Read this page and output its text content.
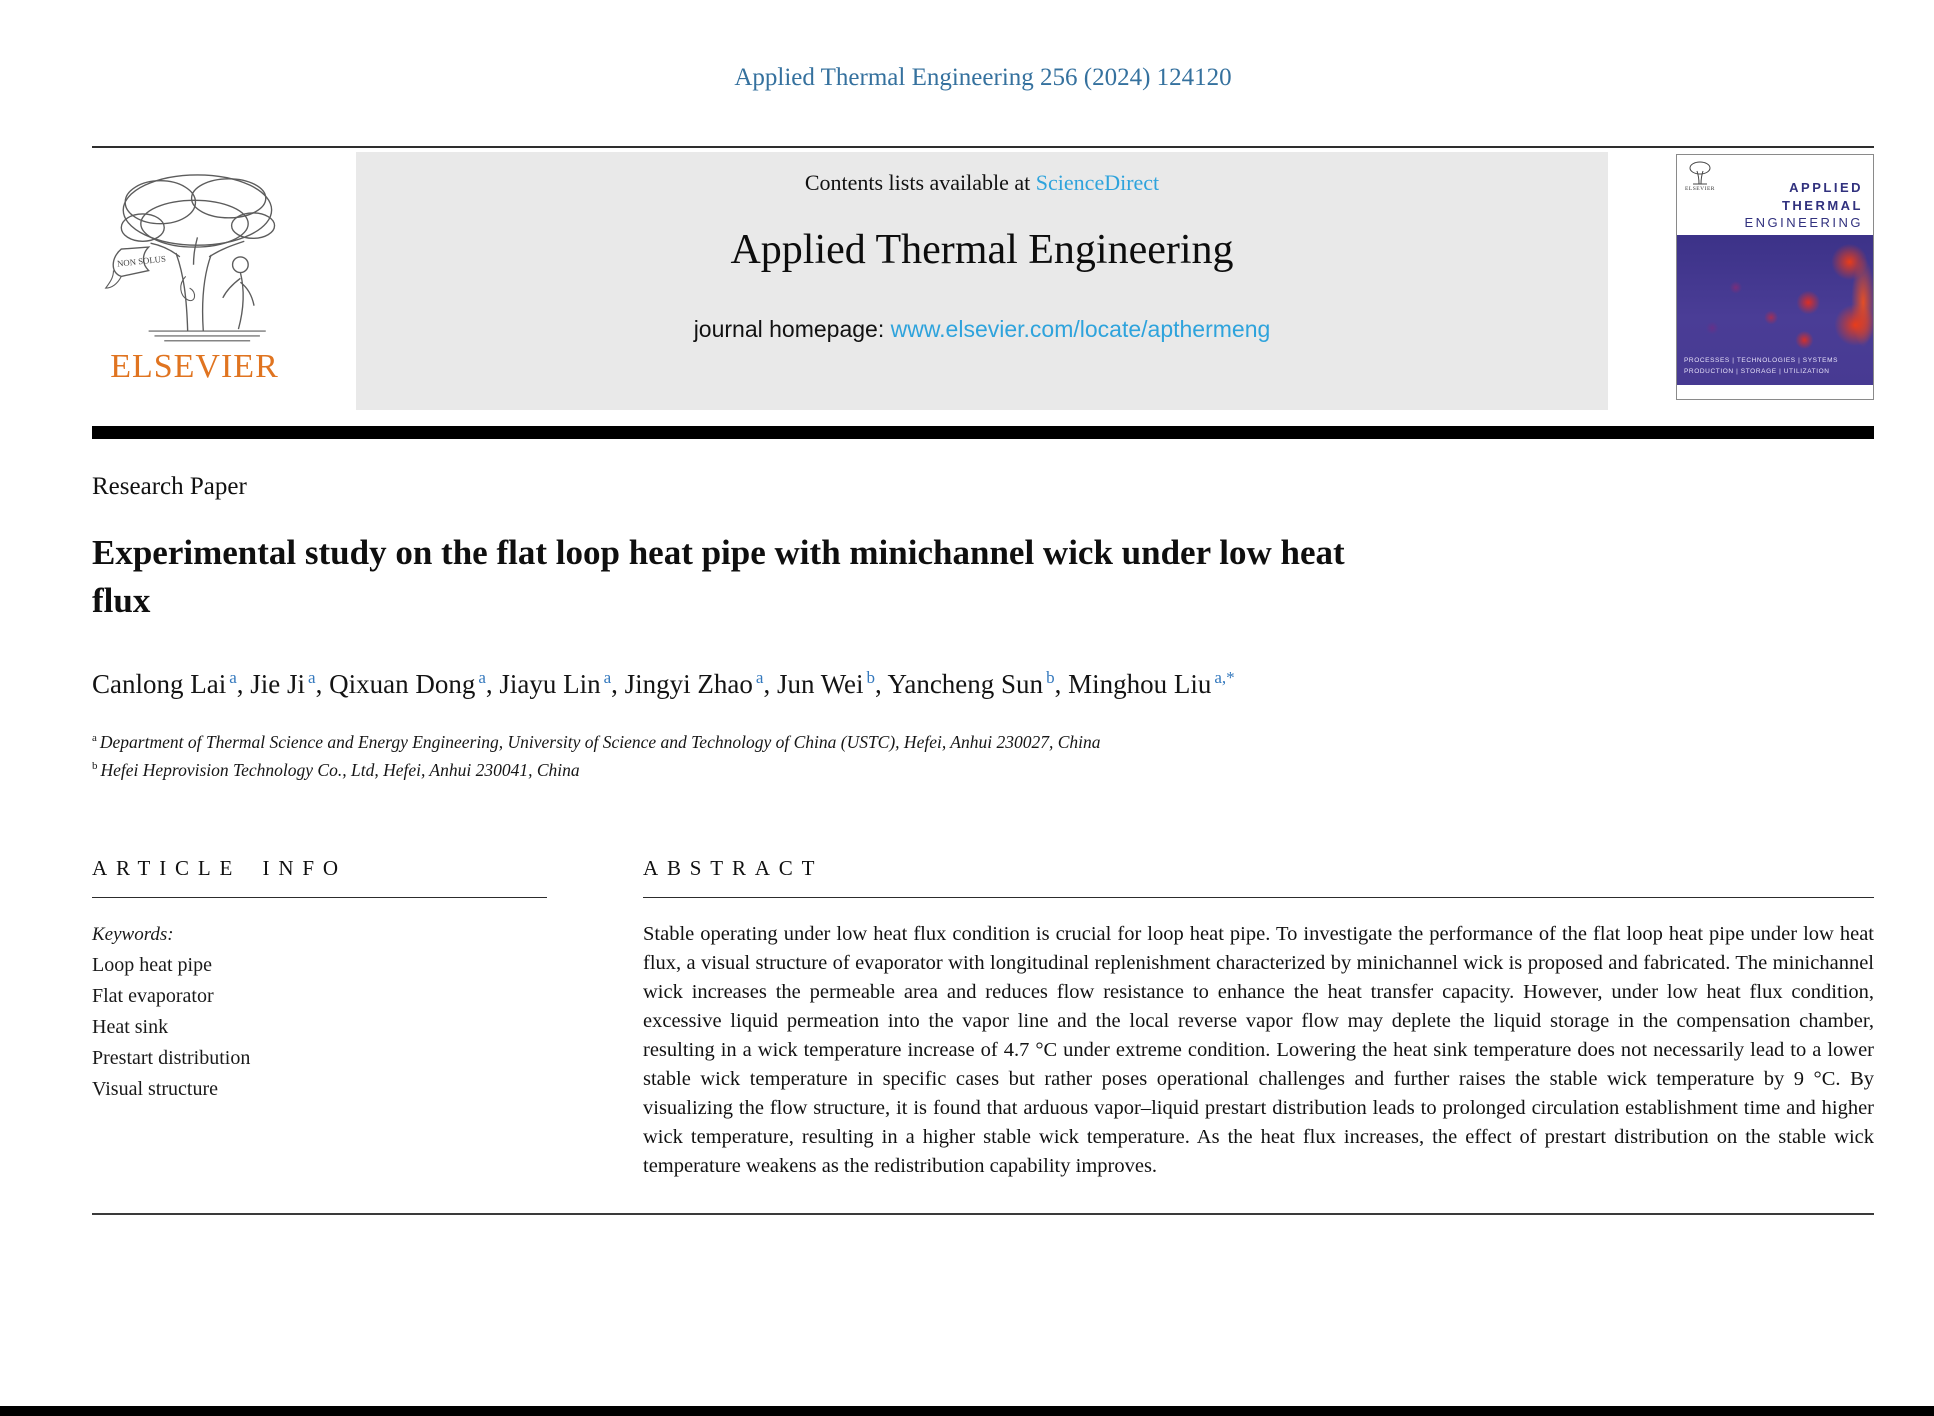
Applied Thermal Engineering 256 (2024) 124120
NON SOLUS
ELSEVIER
Contents lists available at ScienceDirect
Applied Thermal Engineering
journal homepage: www.elsevier.com/locate/apthermeng
ELSEVIER	APPLIED
THERMAL
ENGINEERING
PROCESSES | TECHNOLOGIES | SYSTEMS
PRODUCTION | STORAGE | UTILIZATION
Research Paper
Experimental study on the flat loop heat pipe with minichannel wick under low heat flux

Canlong Lai $^a$, Jie Ji $^a$, Qixuan Dong $^a$, Jiayu Lin $^a$, Jingyi Zhao $^a$, Jun Wei $^b$, Yancheng Sun $^b$, Minghou Liu $^{a,*}$

$^a$ Department of Thermal Science and Energy Engineering, University of Science and Technology of China (USTC), Hefei, Anhui 230027, China
$^b$ Hefei Heprovision Technology Co., Ltd, Hefei, Anhui 230041, China
ARTICLE INFO
Keywords:
Loop heat pipe
Flat evaporator
Heat sink
Prestart distribution
Visual structure
ABSTRACT

Stable operating under low heat flux condition is crucial for loop heat pipe. To investigate the performance of the flat loop heat pipe under low heat flux, a visual structure of evaporator with longitudinal replenishment characterized by minichannel wick is proposed and fabricated. The minichannel wick increases the permeable area and reduces flow resistance to enhance the heat transfer capacity. However, under low heat flux condition, excessive liquid permeation into the vapor line and the local reverse vapor flow may deplete the liquid storage in the compensation chamber, resulting in a wick temperature increase of 4.7 °C under extreme condition. Lowering the heat sink temperature does not necessarily lead to a lower stable wick temperature in specific cases but rather poses operational challenges and further raises the stable wick temperature by 9 °C. By visualizing the flow structure, it is found that arduous vapor–liquid prestart distribution leads to prolonged circulation establishment time and higher wick temperature, resulting in a higher stable wick temperature. As the heat flux increases, the effect of prestart distribution on the stable wick temperature weakens as the redistribution capability improves.
